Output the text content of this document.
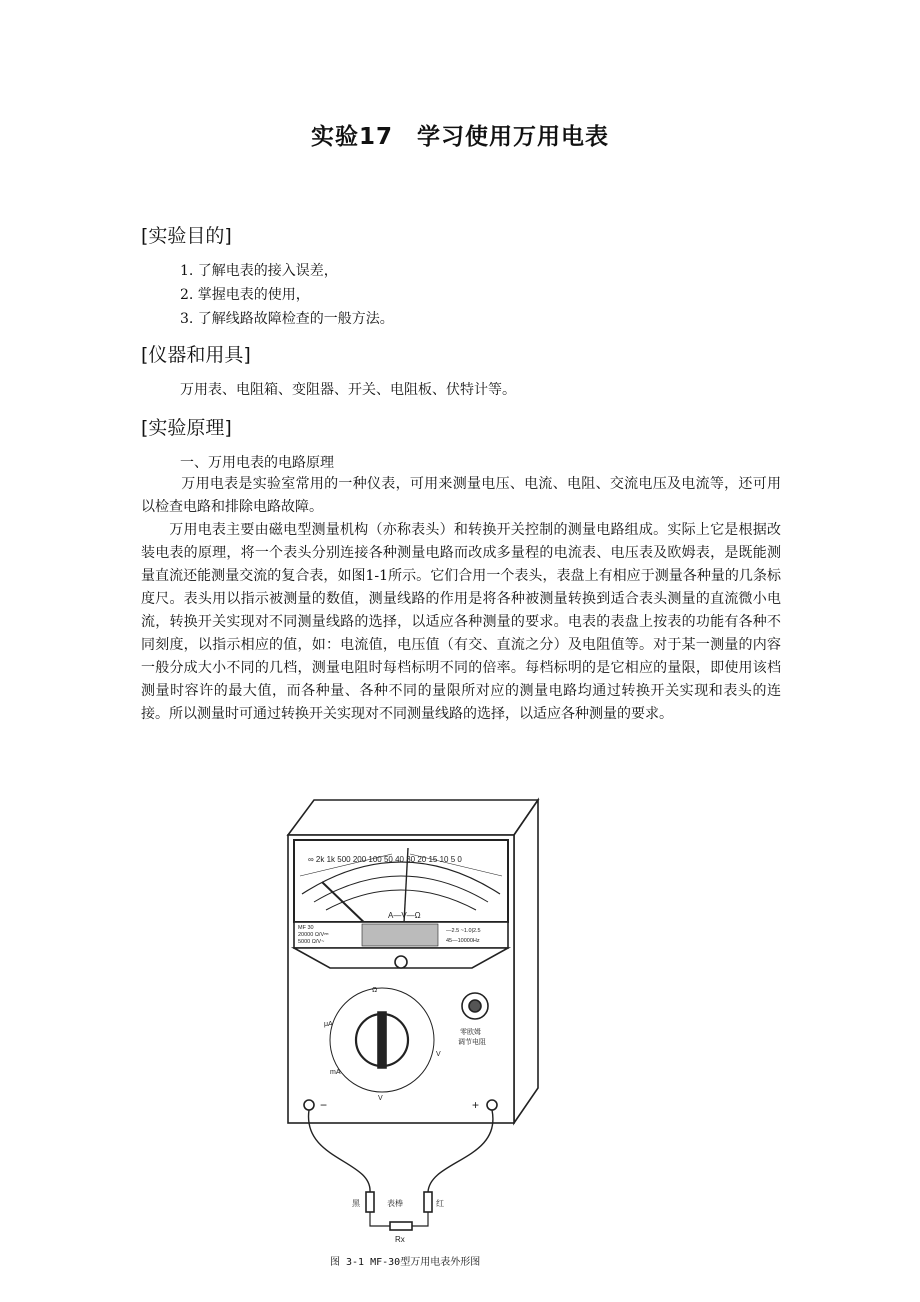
实验17　学习使用万用电表
[实验目的]
1. 了解电表的接入误差，
2. 掌握电表的使用，
3. 了解线路故障检查的一般方法。
[仪器和用具]
万用表、电阻箱、变阻器、开关、电阻板、伏特计等。
[实验原理]
一、万用电表的电路原理
万用电表是实验室常用的一种仪表，可用来测量电压、电流、电阻、交流电压及电流等，还可用以检查电路和排除电路故障。
万用电表主要由磁电型测量机构（亦称表头）和转换开关控制的测量电路组成。实际上它是根据改装电表的原理，将一个表头分别连接各种测量电路而改成多量程的电流表、电压表及欧姆表，是既能测量直流还能测量交流的复合表，如图1-1所示。它们合用一个表头，表盘上有相应于测量各种量的几条标度尺。表头用以指示被测量的数值，测量线路的作用是将各种被测量转换到适合表头测量的直流微小电流，转换开关实现对不同测量线路的选择，以适应各种测量的要求。电表的表盘上按表的功能有各种不同刻度，以指示相应的值，如：电流值，电压值（有交、直流之分）及电阻值等。对于某一测量的内容一般分成大小不同的几档，测量电阻时每档标明不同的倍率。每档标明的是它相应的量限，即使用该档测量时容许的最大值，而各种量、各种不同的量限所对应的测量电路均通过转换开关实现和表头的连接。所以测量时可通过转换开关实现对不同测量线路的选择，以适应各种测量的要求。
∞ 2k 1k 500 200 100 50 40 30 20 15 10 5 0
A—V—Ω
MF 30
20000 Ω/V⎓
5000 Ω/V~
—2.5 ~1.0|2.5
45—10000Hz
Ω
μA
mA
V
V
零欧姆
调节电阻
−	+
黑	表棒	红
Rx
图 3-1 MF-30型万用电表外形图
